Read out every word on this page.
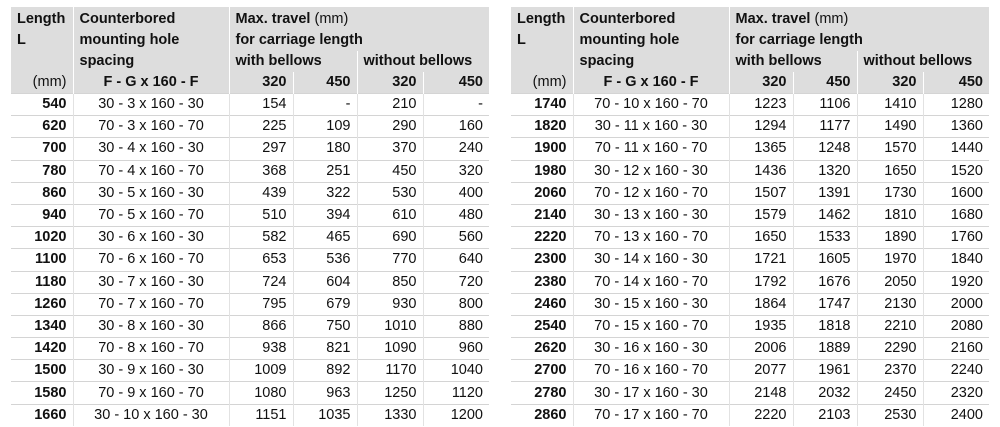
Length
L	Counterbored
mounting hole
spacing	Max. travel (mm)
for carriage length			

		with bellows		without bellows	
(mm)	F - G x 160 - F	320	450	320	450
540	30 - 3 x 160 - 30	154	-	210	-
620	70 - 3 x 160 - 70	225	109	290	160
700	30 - 4 x 160 - 30	297	180	370	240
780	70 - 4 x 160 - 70	368	251	450	320
860	30 - 5 x 160 - 30	439	322	530	400
940	70 - 5 x 160 - 70	510	394	610	480
1020	30 - 6 x 160 - 30	582	465	690	560
1100	70 - 6 x 160 - 70	653	536	770	640
1180	30 - 7 x 160 - 30	724	604	850	720
1260	70 - 7 x 160 - 70	795	679	930	800
1340	30 - 8 x 160 - 30	866	750	1010	880
1420	70 - 8 x 160 - 70	938	821	1090	960
1500	30 - 9 x 160 - 30	1009	892	1170	1040
1580	70 - 9 x 160 - 70	1080	963	1250	1120
1660	30 - 10 x 160 - 30	1151	1035	1330	1200
Length
L	Counterbored
mounting hole
spacing	Max. travel (mm)
for carriage length			

		with bellows		without bellows	
(mm)	F - G x 160 - F	320	450	320	450
1740	70 - 10 x 160 - 70	1223	1106	1410	1280
1820	30 - 11 x 160 - 30	1294	1177	1490	1360
1900	70 - 11 x 160 - 70	1365	1248	1570	1440
1980	30 - 12 x 160 - 30	1436	1320	1650	1520
2060	70 - 12 x 160 - 70	1507	1391	1730	1600
2140	30 - 13 x 160 - 30	1579	1462	1810	1680
2220	70 - 13 x 160 - 70	1650	1533	1890	1760
2300	30 - 14 x 160 - 30	1721	1605	1970	1840
2380	70 - 14 x 160 - 70	1792	1676	2050	1920
2460	30 - 15 x 160 - 30	1864	1747	2130	2000
2540	70 - 15 x 160 - 70	1935	1818	2210	2080
2620	30 - 16 x 160 - 30	2006	1889	2290	2160
2700	70 - 16 x 160 - 70	2077	1961	2370	2240
2780	30 - 17 x 160 - 30	2148	2032	2450	2320
2860	70 - 17 x 160 - 70	2220	2103	2530	2400
